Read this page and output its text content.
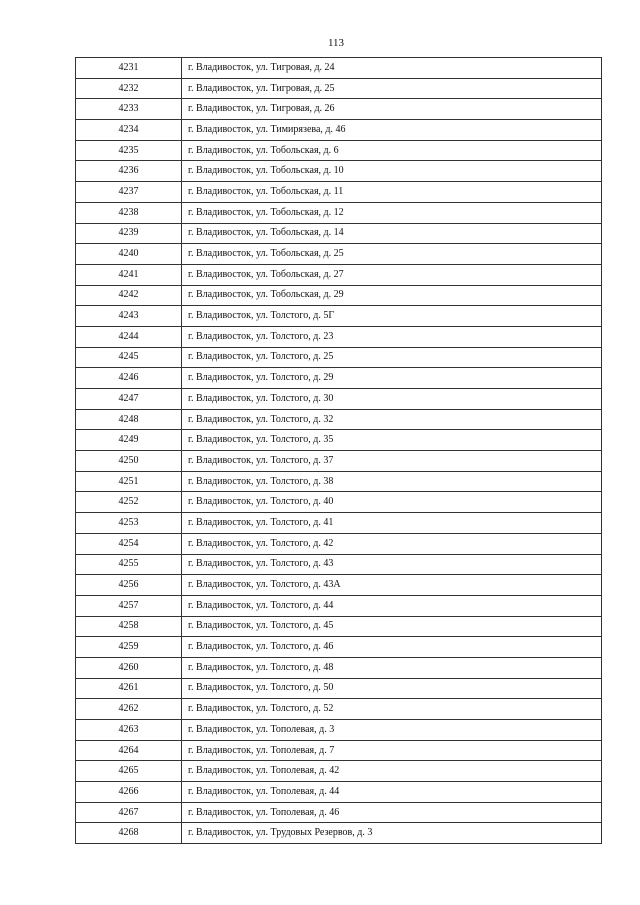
113
4231	г. Владивосток, ул. Тигровая, д. 24
4232	г. Владивосток, ул. Тигровая, д. 25
4233	г. Владивосток, ул. Тигровая, д. 26
4234	г. Владивосток, ул. Тимирязева, д. 46
4235	г. Владивосток, ул. Тобольская, д. 6
4236	г. Владивосток, ул. Тобольская, д. 10
4237	г. Владивосток, ул. Тобольская, д. 11
4238	г. Владивосток, ул. Тобольская, д. 12
4239	г. Владивосток, ул. Тобольская, д. 14
4240	г. Владивосток, ул. Тобольская, д. 25
4241	г. Владивосток, ул. Тобольская, д. 27
4242	г. Владивосток, ул. Тобольская, д. 29
4243	г. Владивосток, ул. Толстого, д. 5Г
4244	г. Владивосток, ул. Толстого, д. 23
4245	г. Владивосток, ул. Толстого, д. 25
4246	г. Владивосток, ул. Толстого, д. 29
4247	г. Владивосток, ул. Толстого, д. 30
4248	г. Владивосток, ул. Толстого, д. 32
4249	г. Владивосток, ул. Толстого, д. 35
4250	г. Владивосток, ул. Толстого, д. 37
4251	г. Владивосток, ул. Толстого, д. 38
4252	г. Владивосток, ул. Толстого, д. 40
4253	г. Владивосток, ул. Толстого, д. 41
4254	г. Владивосток, ул. Толстого, д. 42
4255	г. Владивосток, ул. Толстого, д. 43
4256	г. Владивосток, ул. Толстого, д. 43А
4257	г. Владивосток, ул. Толстого, д. 44
4258	г. Владивосток, ул. Толстого, д. 45
4259	г. Владивосток, ул. Толстого, д. 46
4260	г. Владивосток, ул. Толстого, д. 48
4261	г. Владивосток, ул. Толстого, д. 50
4262	г. Владивосток, ул. Толстого, д. 52
4263	г. Владивосток, ул. Тополевая, д. 3
4264	г. Владивосток, ул. Тополевая, д. 7
4265	г. Владивосток, ул. Тополевая, д. 42
4266	г. Владивосток, ул. Тополевая, д. 44
4267	г. Владивосток, ул. Тополевая, д. 46
4268	г. Владивосток, ул. Трудовых Резервов, д. 3
